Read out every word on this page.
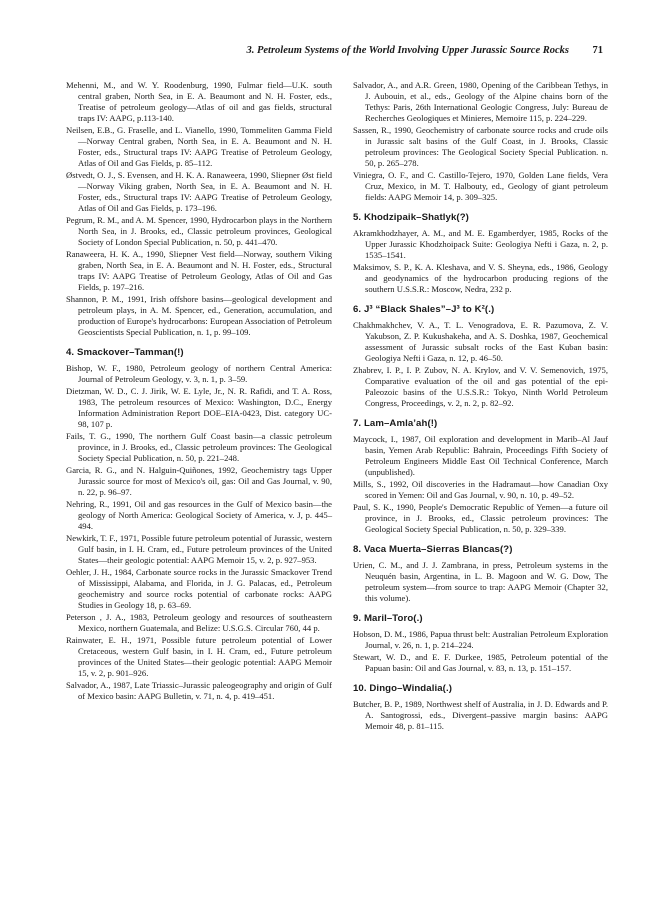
3. Petroleum Systems of the World Involving Upper Jurassic Source Rocks 71

Mehenni, M., and W. Y. Roodenburg, 1990, Fulmar field—U.K. south central graben, North Sea, in E. A. Beaumont and N. H. Foster, eds., Treatise of petroleum geology—Atlas of oil and gas fields, structural traps IV: AAPG, p.113-140.

Neilsen, E.B., G. Fraselle, and L. Vianello, 1990, Tommeliten Gamma Field—Norway Central graben, North Sea, in E. A. Beaumont and N. H. Foster, eds., Structural traps IV: AAPG Treatise of Petroleum Geology, Atlas of Oil and Gas Fields, p. 85–112.

Østvedt, O. J., S. Evensen, and H. K. A. Ranaweera, 1990, Sliepner Øst field—Norway Viking graben, North Sea, in E. A. Beaumont and N. H. Foster, eds., Structural traps IV: AAPG Treatise of Petroleum Geology, Atlas of Oil and Gas Fields, p. 173–196.

Pegrum, R. M., and A. M. Spencer, 1990, Hydrocarbon plays in the Northern North Sea, in J. Brooks, ed., Classic petroleum provinces, Geological Society of London Special Publication, n. 50, p. 441–470.

Ranaweera, H. K. A., 1990, Sliepner Vest field—Norway, southern Viking graben, North Sea, in E. A. Beaumont and N. H. Foster, eds., Structural traps IV: AAPG Treatise of Petroleum Geology, Atlas of Oil and Gas Fields, p. 197–216.

Shannon, P. M., 1991, Irish offshore basins—geological development and petroleum plays, in A. M. Spencer, ed., Generation, accumulation, and production of Europe's hydrocarbons: European Association of Petroleum Geoscientists Special Publication, n. 1, p. 99–109.

4. Smackover–Tamman(!)

Bishop, W. F., 1980, Petroleum geology of northern Central America: Journal of Petroleum Geology, v. 3, n. 1, p. 3–59.

Dietzman, W. D., C. J. Jirik, W. E. Lyle, Jr., N. R. Rafidi, and T. A. Ross, 1983, The petroleum resources of Mexico: Washington, D.C., Energy Information Administration Report DOE–EIA-0423, Dist. category UC-98, 107 p.

Fails, T. G., 1990, The northern Gulf Coast basin—a classic petroleum province, in J. Brooks, ed., Classic petroleum provinces: The Geological Society Special Publication, n. 50, p. 221–248.

Garcia, R. G., and N. Halguin-Quiñones, 1992, Geochemistry tags Upper Jurassic source for most of Mexico's oil, gas: Oil and Gas Journal, v. 90, n. 22, p. 96–97.

Nehring, R., 1991, Oil and gas resources in the Gulf of Mexico basin—the geology of North America: Geological Society of America, v. J, p. 445–494.

Newkirk, T. F., 1971, Possible future petroleum potential of Jurassic, western Gulf basin, in I. H. Cram, ed., Future petroleum provinces of the United States—their geologic potential: AAPG Memoir 15, v. 2, p. 927–953.

Oehler, J. H., 1984, Carbonate source rocks in the Jurassic Smackover Trend of Mississippi, Alabama, and Florida, in J. G. Palacas, ed., Petroleum geochemistry and source rocks potential of carbonate rocks: AAPG Studies in Geology 18, p. 63–69.

Peterson , J. A., 1983, Petroleum geology and resources of southeastern Mexico, northern Guatemala, and Belize: U.S.G.S. Circular 760, 44 p.

Rainwater, E. H., 1971, Possible future petroleum potential of Lower Cretaceous, western Gulf basin, in I. H. Cram, ed., Future petroleum provinces of the United States—their geologic potential: AAPG Memoir 15, v. 2, p. 901–926.

Salvador, A., 1987, Late Triassic–Jurassic paleogeography and origin of Gulf of Mexico basin: AAPG Bulletin, v. 71, n. 4, p. 419–451.

Salvador, A., and A.R. Green, 1980, Opening of the Caribbean Tethys, in J. Aubouin, et al., eds., Geology of the Alpine chains born of the Tethys: Paris, 26th International Geologic Congress, July: Bureau de Recherches Geologiques et Minieres, Memoire 115, p. 224–229.

Sassen, R., 1990, Geochemistry of carbonate source rocks and crude oils in Jurassic salt basins of the Gulf Coast, in J. Brooks, Classic petroleum provinces: The Geological Society Special Publication. n. 50, p. 265–278.

Viniegra, O. F., and C. Castillo-Tejero, 1970, Golden Lane fields, Vera Cruz, Mexico, in M. T. Halbouty, ed., Geology of giant petroleum fields: AAPG Memoir 14, p. 309–325.

5. Khodzipaik–Shatlyk(?)

Akramkhodzhayer, A. M., and M. E. Egamberdyer, 1985, Rocks of the Upper Jurassic Khodzhoipack Suite: Geologiya Nefti i Gaza, n. 2, p. 1535–1541.

Maksimov, S. P., K. A. Kleshava, and V. S. Sheyna, eds., 1986, Geology and geodynamics of the hydrocarbon producing regions of the southern U.S.S.R.: Moscow, Nedra, 232 p.

6. J³ “Black Shales”–J³ to K²(.)

Chakhmakhchev, V. A., T. L. Venogradova, E. R. Pazumova, Z. V. Yakubson, Z. P. Kukushakeha, and A. S. Doshka, 1987, Geochemical assessment of Jurassic subsalt rocks of the East Kuban basin: Geologiya Nefti i Gaza, n. 12, p. 46–50.

Zhabrev, I. P., I. P. Zubov, N. A. Krylov, and V. V. Semenovich, 1975, Comparative evaluation of the oil and gas potential of the epi-Paleozoic basins of the U.S.S.R.: Tokyo, Ninth World Petroleum Congress, Proceedings, v. 2, n. 2, p. 82–92.

7. Lam–Amla’ah(!)

Maycock, I., 1987, Oil exploration and development in Marib–Al Jauf basin, Yemen Arab Republic: Bahrain, Proceedings Fifth Society of Petroleum Engineers Middle East Oil Technical Conference, March (unpublished).

Mills, S., 1992, Oil discoveries in the Hadramaut—how Canadian Oxy scored in Yemen: Oil and Gas Journal, v. 90, n. 10, p. 49–52.

Paul, S. K., 1990, People's Democratic Republic of Yemen—a future oil province, in J. Brooks, ed., Classic petroleum provinces: The Geological Society Special Publication, n. 50, p. 329–339.

8. Vaca Muerta–Sierras Blancas(?)

Urien, C. M., and J. J. Zambrana, in press, Petroleum systems in the Neuquén basin, Argentina, in L. B. Magoon and W. G. Dow, The petroleum system—from source to trap: AAPG Memoir (Chapter 32, this volume).

9. Maril–Toro(.)

Hobson, D. M., 1986, Papua thrust belt: Australian Petroleum Exploration Journal, v. 26, n. 1, p. 214–224.

Stewart, W. D., and E. F. Durkee, 1985, Petroleum potential of the Papuan basin: Oil and Gas Journal, v. 83, n. 13, p. 151–157.

10. Dingo–Windalia(.)

Butcher, B. P., 1989, Northwest shelf of Australia, in J. D. Edwards and P. A. Santogrossi, eds., Divergent–passive margin basins: AAPG Memoir 48, p. 81–115.
